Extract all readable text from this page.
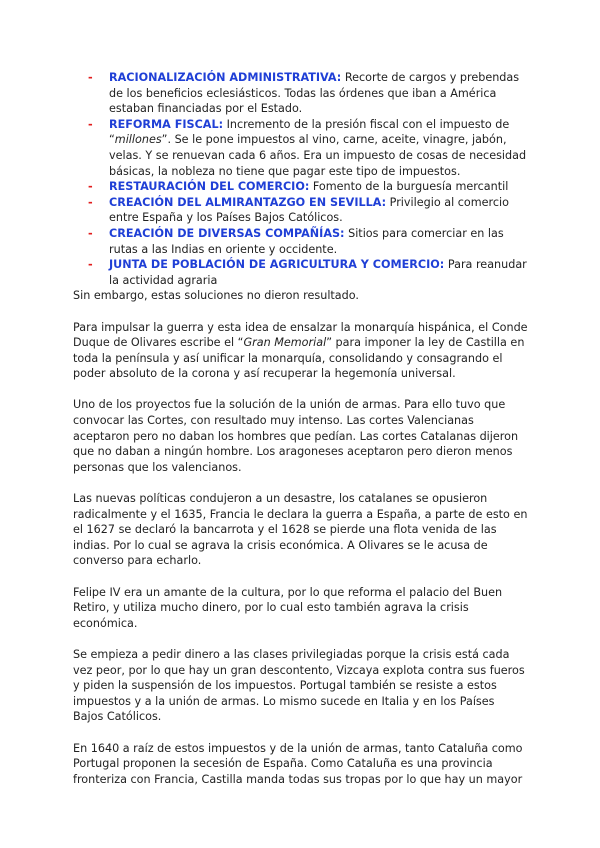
- RACIONALIZACIÓN ADMINISTRATIVA: Recorte de cargos y prebendas de los beneficios eclesiásticos. Todas las órdenes que iban a América estaban financiadas por el Estado.
- REFORMA FISCAL: Incremento de la presión fiscal con el impuesto de “millones”. Se le pone impuestos al vino, carne, aceite, vinagre, jabón, velas. Y se renuevan cada 6 años. Era un impuesto de cosas de necesidad básicas, la nobleza no tiene que pagar este tipo de impuestos.
- RESTAURACIÓN DEL COMERCIO: Fomento de la burguesía mercantil
- CREACIÓN DEL ALMIRANTAZGO EN SEVILLA: Privilegio al comercio entre España y los Países Bajos Católicos.
- CREACIÓN DE DIVERSAS COMPAÑÍAS: Sitios para comerciar en las rutas a las Indias en oriente y occidente.
- JUNTA DE POBLACIÓN DE AGRICULTURA Y COMERCIO: Para reanudar la actividad agraria

Sin embargo, estas soluciones no dieron resultado.

Para impulsar la guerra y esta idea de ensalzar la monarquía hispánica, el Conde Duque de Olivares escribe el “Gran Memorial” para imponer la ley de Castilla en toda la península y así unificar la monarquía, consolidando y consagrando el poder absoluto de la corona y así recuperar la hegemonía universal.

Uno de los proyectos fue la solución de la unión de armas. Para ello tuvo que convocar las Cortes, con resultado muy intenso. Las cortes Valencianas aceptaron pero no daban los hombres que pedían. Las cortes Catalanas dijeron que no daban a ningún hombre. Los aragoneses aceptaron pero dieron menos personas que los valencianos.

Las nuevas políticas condujeron a un desastre, los catalanes se opusieron radicalmente y el 1635, Francia le declara la guerra a España, a parte de esto en el 1627 se declaró la bancarrota y el 1628 se pierde una flota venida de las indias. Por lo cual se agrava la crisis económica. A Olivares se le acusa de converso para echarlo.

Felipe IV era un amante de la cultura, por lo que reforma el palacio del Buen Retiro, y utiliza mucho dinero, por lo cual esto también agrava la crisis económica.

Se empieza a pedir dinero a las clases privilegiadas porque la crisis está cada vez peor, por lo que hay un gran descontento, Vizcaya explota contra sus fueros y piden la suspensión de los impuestos. Portugal también se resiste a estos impuestos y a la unión de armas. Lo mismo sucede en Italia y en los Países Bajos Católicos.

En 1640 a raíz de estos impuestos y de la unión de armas, tanto Cataluña como Portugal proponen la secesión de España. Como Cataluña es una provincia fronteriza con Francia, Castilla manda todas sus tropas por lo que hay un mayor
